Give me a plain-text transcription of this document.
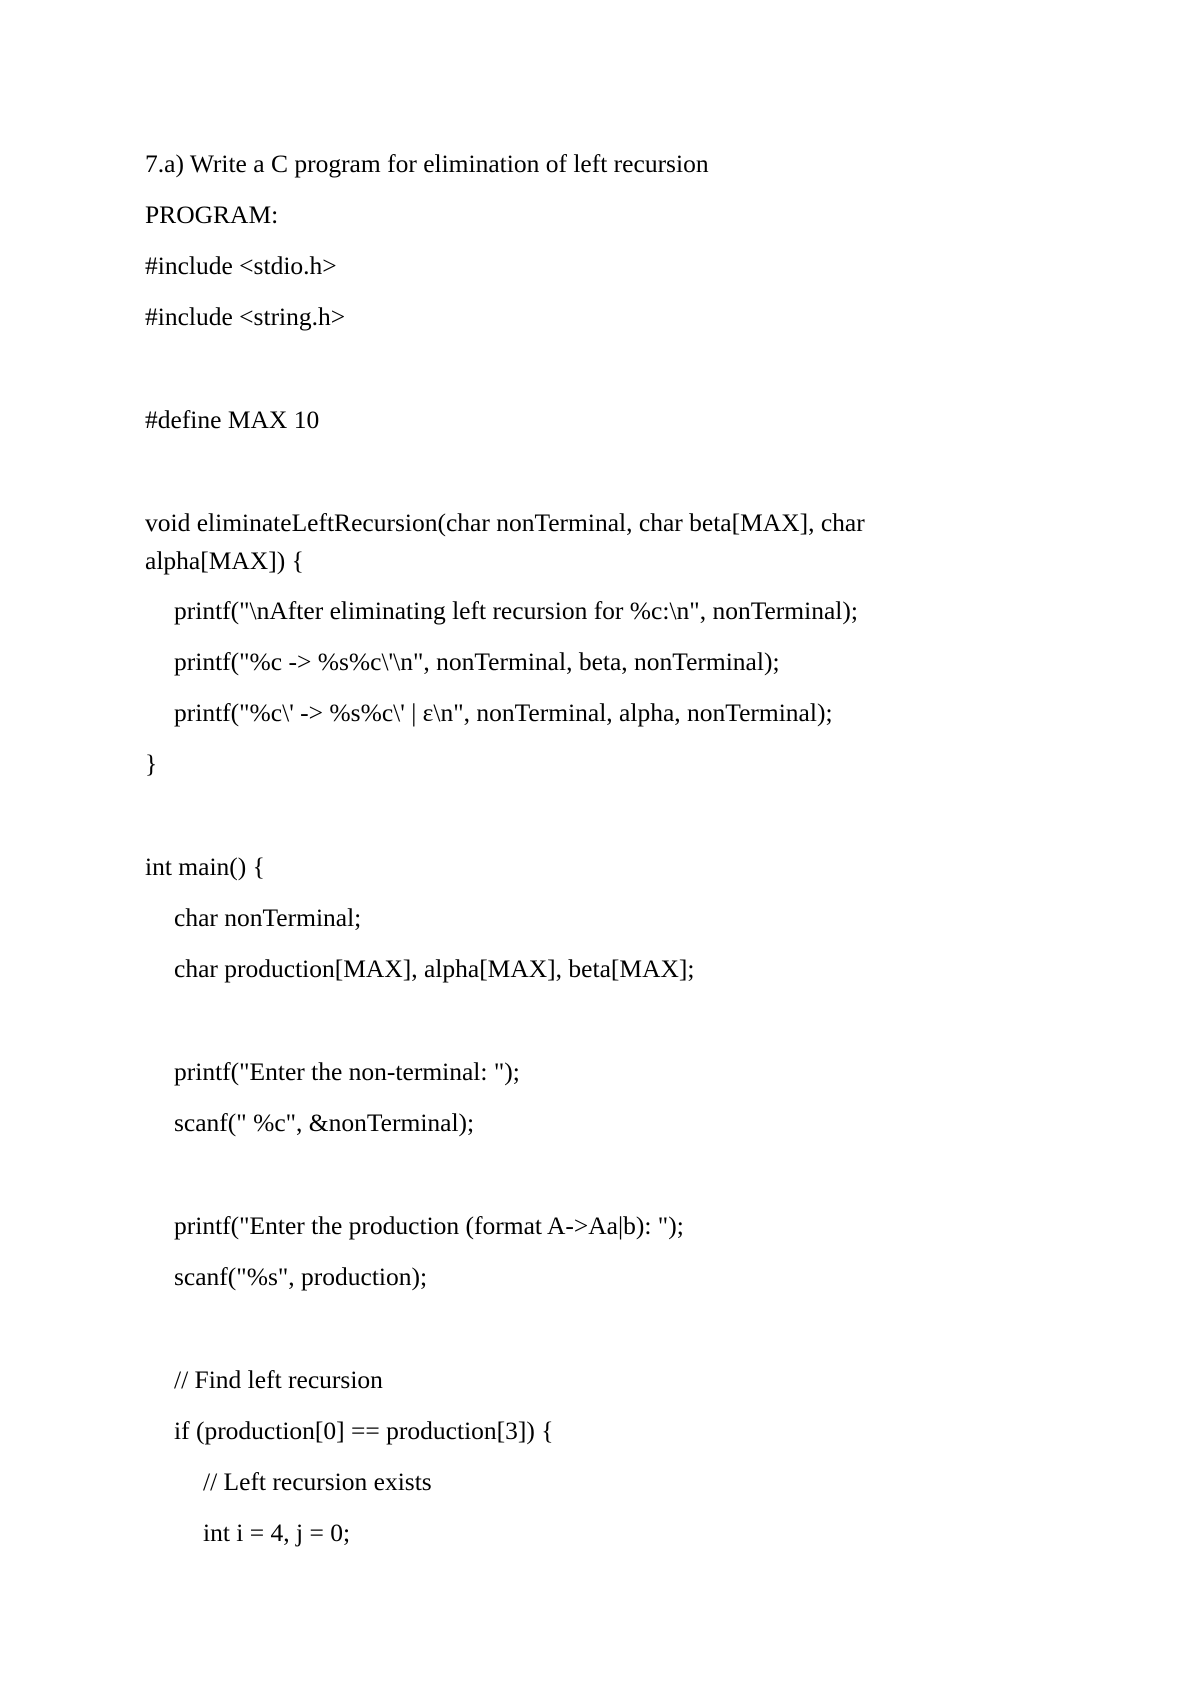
7.a) Write a C program for elimination of left recursion
PROGRAM:
#include <stdio.h>
#include <string.h>
#define MAX 10
void eliminateLeftRecursion(char nonTerminal, char beta[MAX], char
alpha[MAX]) {
printf("\nAfter eliminating left recursion for %c:\n", nonTerminal);
printf("%c -> %s%c\'\n", nonTerminal, beta, nonTerminal);
printf("%c\' -> %s%c\' | ε\n", nonTerminal, alpha, nonTerminal);
}
int main() {
char nonTerminal;
char production[MAX], alpha[MAX], beta[MAX];
printf("Enter the non-terminal: ");
scanf(" %c", &nonTerminal);
printf("Enter the production (format A->Aa|b): ");
scanf("%s", production);
// Find left recursion
if (production[0] == production[3]) {
// Left recursion exists
int i = 4, j = 0;
